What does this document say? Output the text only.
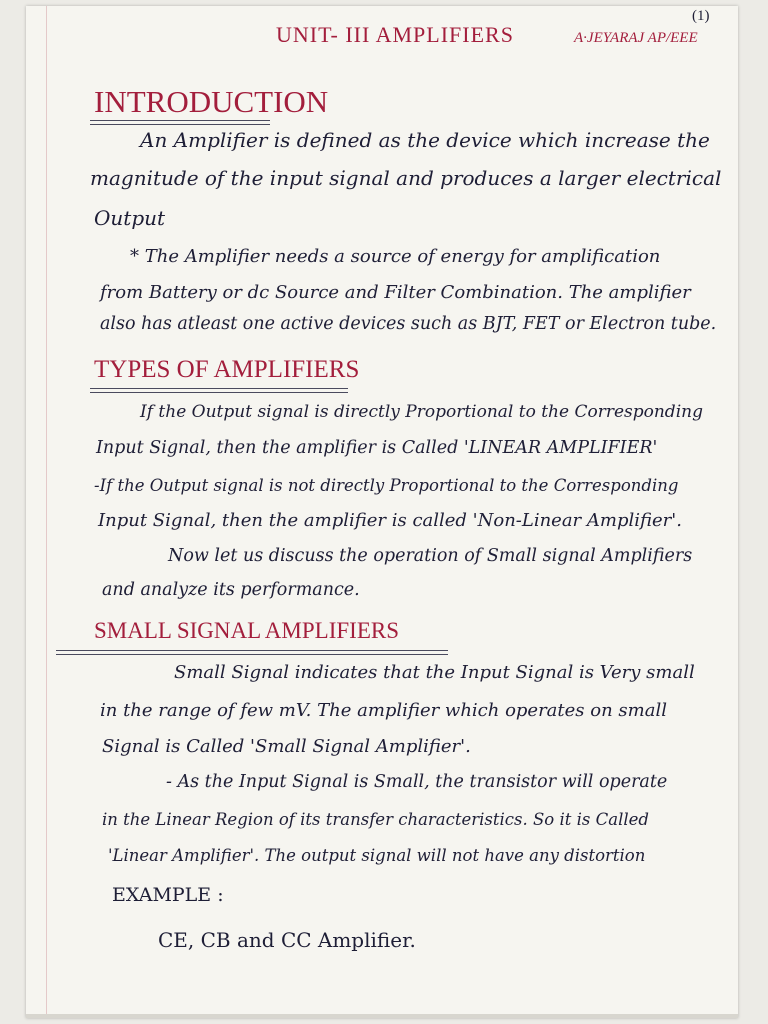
UNIT- III AMPLIFIERS	A·JEYARAJ AP/EEE
(1)
INTRODUCTION
An Amplifier is defined as the device which increase the
magnitude of the input signal and produces a larger electrical
Output
* The Amplifier needs a source of energy for amplification
from Battery or dc Source and Filter Combination. The amplifier
also has atleast one active devices such as BJT, FET or Electron tube.
TYPES OF AMPLIFIERS
If the Output signal is directly Proportional to the Corresponding
Input Signal, then the amplifier is Called 'LINEAR AMPLIFIER'
-If the Output signal is not directly Proportional to the Corresponding
Input Signal, then the amplifier is called 'Non-Linear Amplifier'.
Now let us discuss the operation of Small signal Amplifiers
and analyze its performance.
SMALL SIGNAL AMPLIFIERS
Small Signal indicates that the Input Signal is Very small
in the range of few mV. The amplifier which operates on small
Signal is Called 'Small Signal Amplifier'.
- As the Input Signal is Small, the transistor will operate
in the Linear Region of its transfer characteristics. So it is Called
'Linear Amplifier'. The output signal will not have any distortion
EXAMPLE :
CE, CB and CC Amplifier.
